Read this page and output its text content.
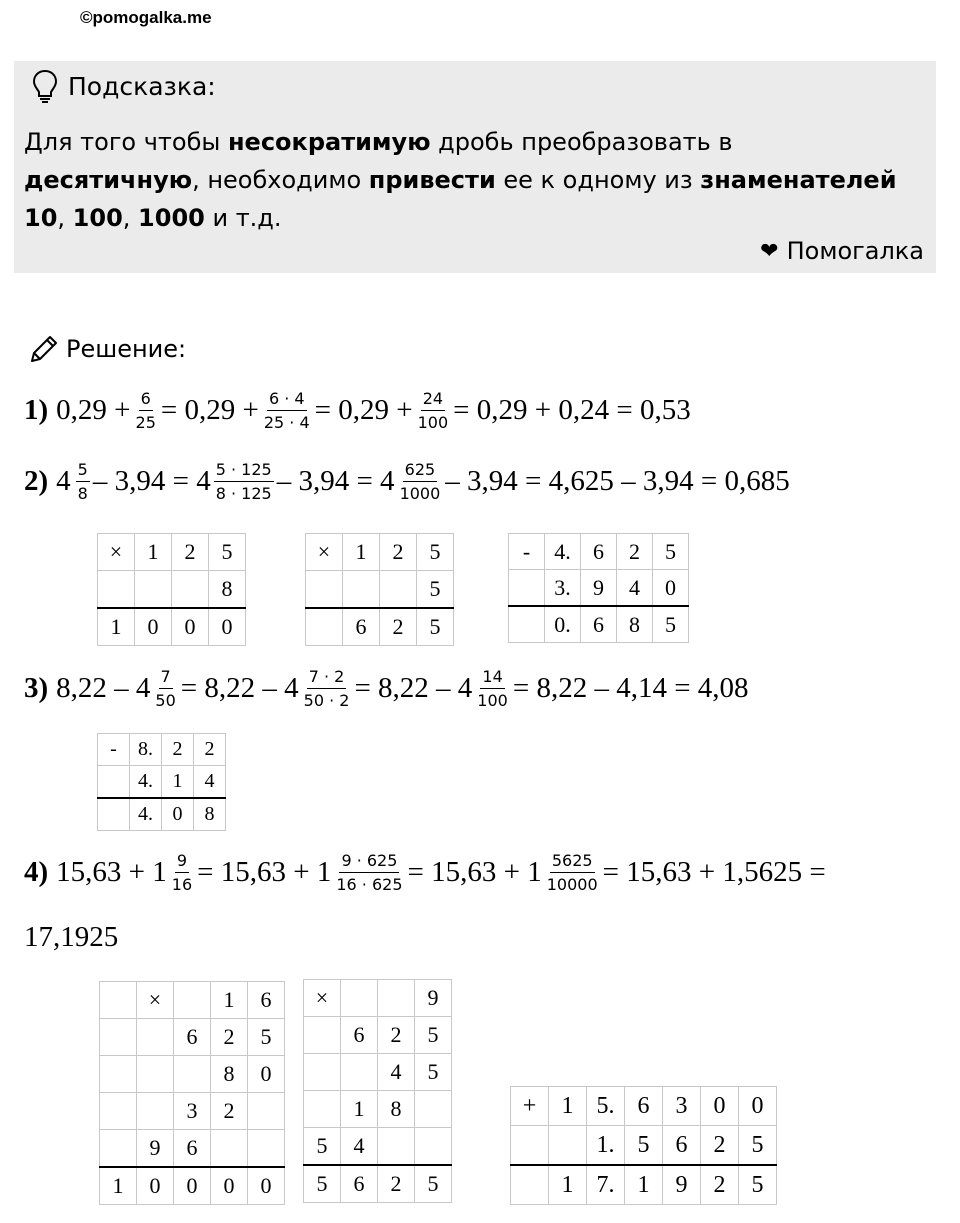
©pomogalka.me
Подсказка:
Для того чтобы несократимую дробь преобразовать в десятичную, необходимо привести ее к одному из знаменателей 10, 100, 1000 и т.д.
❤ Помогалка
Решение:
1) $0,29 + \frac{6}{25} = 0,29 + \frac{6 \cdot 4}{25 \cdot 4} = 0,29 + \frac{24}{100} = 0,29 + 0,24 = 0,53$
2) $4 \frac{5}{8} - 3,94 = 4 \frac{5 \cdot 125}{8 \cdot 125} - 3,94 = 4 \frac{625}{1000} - 3,94 = 4,625 - 3,94 = 0,685$
3) $8,22 - 4 \frac{7}{50} = 8,22 - 4 \frac{7 \cdot 2}{50 \cdot 2} = 8,22 - 4 \frac{14}{100} = 8,22 - 4,14 = 4,08$
4) $15,63 + 1 \frac{9}{16} = 15,63 + 1 \frac{9 \cdot 625}{16 \cdot 625} = 15,63 + 1 \frac{5625}{10000} = 15,63 + 1,5625$ =
17,1925
×	1	2	5
			8
1	0	0	0
×	1	2	5
			5
	6	2	5
-	4.	6	2	5
	3.	9	4	0
	0.	6	8	5
-	8.	2	2
	4.	1	4
	4.	0	8
	×		1	6
		6	2	5
			8	0
		3	2	
	9	6		
1	0	0	0	0
×			9
	6	2	5
		4	5
	1	8	
5	4		
5	6	2	5
+	1	5.	6	3	0	0
		1.	5	6	2	5
	1	7.	1	9	2	5
